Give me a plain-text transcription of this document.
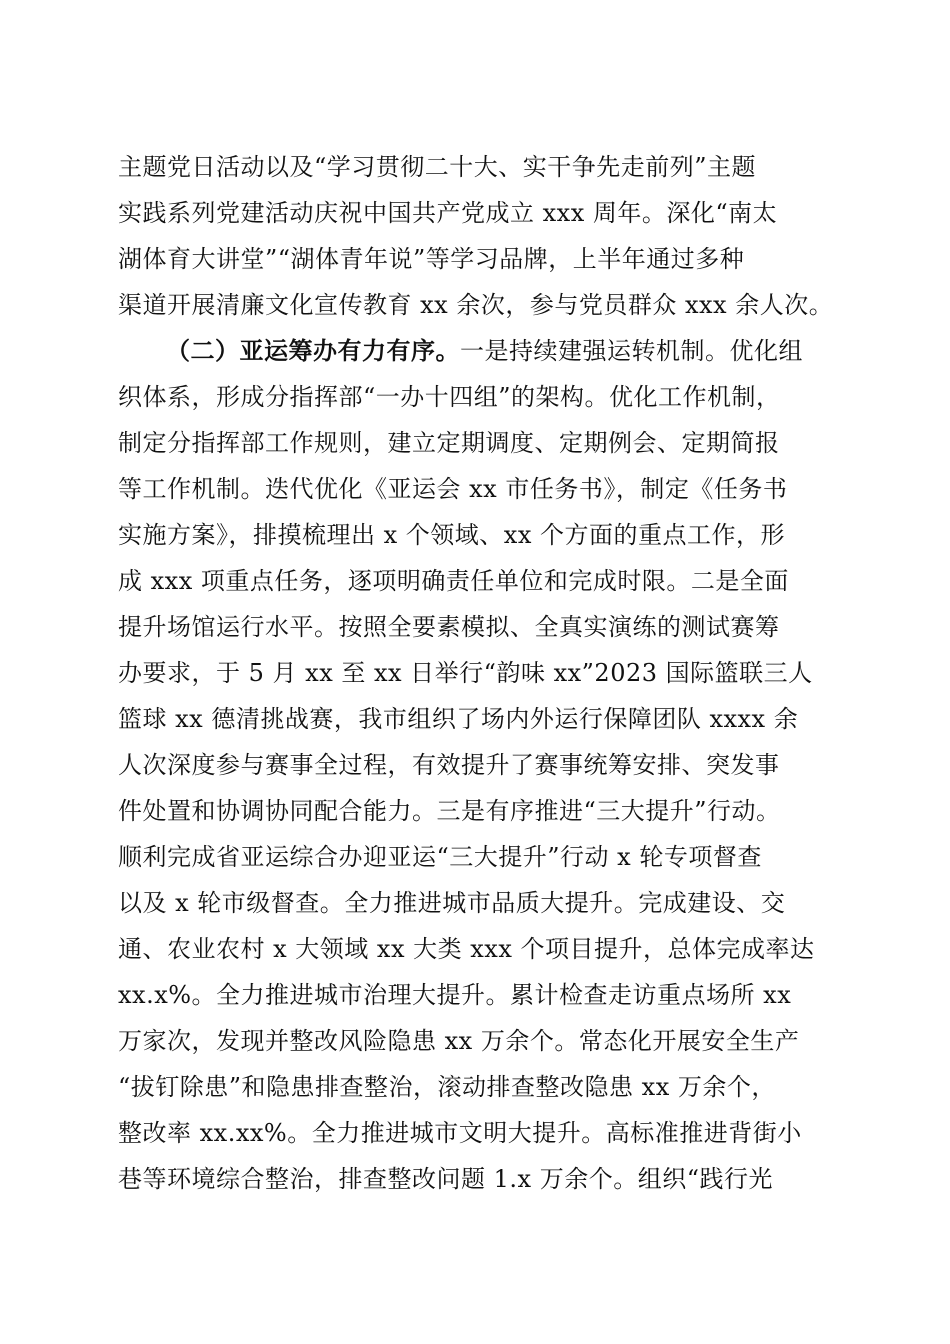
主题党日活动以及“学习贯彻二十大、实干争先走前列”主题
实践系列党建活动庆祝中国共产党成立 xxx 周年。深化“南太
湖体育大讲堂”“湖体青年说”等学习品牌，上半年通过多种
渠道开展清廉文化宣传教育 xx 余次，参与党员群众 xxx 余人次。
（二）亚运筹办有力有序。一是持续建强运转机制。优化组
织体系，形成分指挥部“一办十四组”的架构。优化工作机制，
制定分指挥部工作规则，建立定期调度、定期例会、定期简报
等工作机制。迭代优化《亚运会 xx 市任务书》，制定《任务书
实施方案》，排摸梳理出 x 个领域、xx 个方面的重点工作，形
成 xxx 项重点任务，逐项明确责任单位和完成时限。二是全面
提升场馆运行水平。按照全要素模拟、全真实演练的测试赛筹
办要求，于 5 月 xx 至 xx 日举行“韵味 xx”2023 国际篮联三人
篮球 xx 德清挑战赛，我市组织了场内外运行保障团队 xxxx 余
人次深度参与赛事全过程，有效提升了赛事统筹安排、突发事
件处置和协调协同配合能力。三是有序推进“三大提升”行动。
顺利完成省亚运综合办迎亚运“三大提升”行动 x 轮专项督查
以及 x 轮市级督查。全力推进城市品质大提升。完成建设、交
通、农业农村 x 大领域 xx 大类 xxx 个项目提升，总体完成率达
xx.x%。全力推进城市治理大提升。累计检查走访重点场所 xx
万家次，发现并整改风险隐患 xx 万余个。常态化开展安全生产
“拔钉除患”和隐患排查整治，滚动排查整改隐患 xx 万余个，
整改率 xx.xx%。全力推进城市文明大提升。高标准推进背街小
巷等环境综合整治，排查整改问题 1.x 万余个。组织“践行光
